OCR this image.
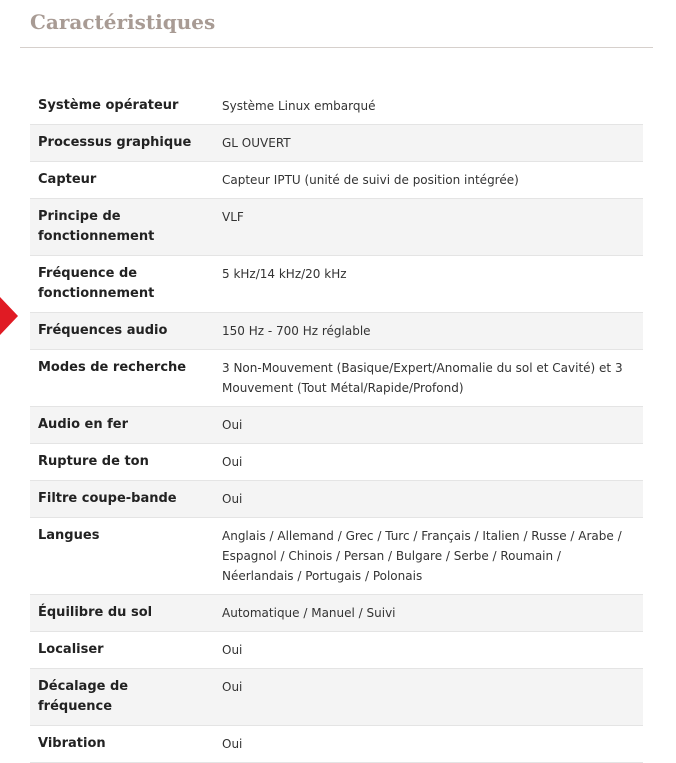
Caractéristiques
Système opérateur	Système Linux embarqué
Processus graphique	GL OUVERT
Capteur	Capteur IPTU (unité de suivi de position intégrée)
Principe de fonctionnement	VLF
Fréquence de fonctionnement	5 kHz/14 kHz/20 kHz
Fréquences audio	150 Hz - 700 Hz réglable
Modes de recherche	3 Non-Mouvement (Basique/Expert/Anomalie du sol et Cavité) et 3 Mouvement (Tout Métal/Rapide/Profond)
Audio en fer	Oui
Rupture de ton	Oui
Filtre coupe-bande	Oui
Langues	Anglais / Allemand / Grec / Turc / Français / Italien / Russe / Arabe / Espagnol / Chinois / Persan / Bulgare / Serbe / Roumain / Néerlandais / Portugais / Polonais
Équilibre du sol	Automatique / Manuel / Suivi
Localiser	Oui
Décalage de fréquence	Oui
Vibration	Oui
